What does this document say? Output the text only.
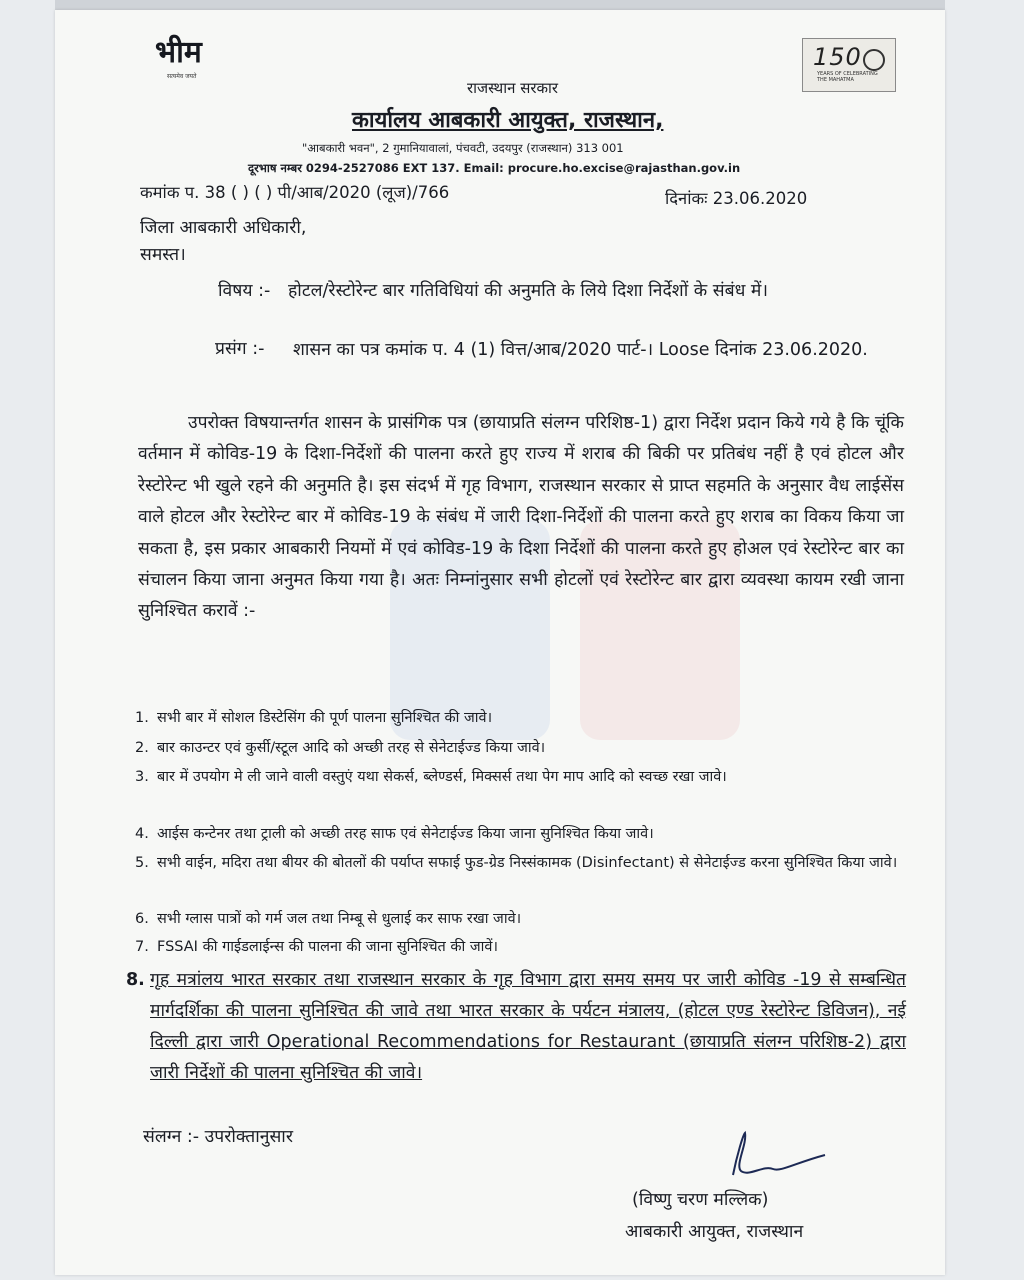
भीम
सत्यमेव जयते
150
YEARS OF CELEBRATING THE MAHATMA
राजस्थान सरकार
कार्यालय आबकारी आयुक्त, राजस्थान,
"आबकारी भवन", 2 गुमानियावालां, पंचवटी, उदयपुर (राजस्थान) 313 001
दूरभाष नम्बर 0294-2527086 EXT 137. Email: procure.ho.excise@rajasthan.gov.in
कमांक प. 38 ( ) ( ) पी/आब/2020 (लूज)/766	दिनांकः 23.06.2020
जिला आबकारी अधिकारी,
समस्त।
विषय :- होटल/रेस्टोरेन्ट बार गतिविधियां की अनुमति के लिये दिशा निर्देशों के संबंध में।
प्रसंग :- शासन का पत्र कमांक प. 4 (1) वित्त/आब/2020 पार्ट-। Loose दिनांक 23.06.2020.
उपरोक्त विषयान्तर्गत शासन के प्रासंगिक पत्र (छायाप्रति संलग्न परिशिष्ठ-1) द्वारा निर्देश प्रदान किये गये है कि चूंकि वर्तमान में कोविड-19 के दिशा-निर्देशों की पालना करते हुए राज्य में शराब की बिकी पर प्रतिबंध नहीं है एवं होटल और रेस्टोरेन्ट भी खुले रहने की अनुमति है। इस संदर्भ में गृह विभाग, राजस्थान सरकार से प्राप्त सहमति के अनुसार वैध लाईसेंस वाले होटल और रेस्टोरेन्ट बार में कोविड-19 के संबंध में जारी दिशा-निर्देशों की पालना करते हुए शराब का विकय किया जा सकता है, इस प्रकार आबकारी नियमों में एवं कोविड-19 के दिशा निर्देशों की पालना करते हुए होअल एवं रेस्टोरेन्ट बार का संचालन किया जाना अनुमत किया गया है। अतः निम्नांनुसार सभी होटलों एवं रेस्टोरेन्ट बार द्वारा व्यवस्था कायम रखी जाना सुनिश्चित करावें :-
1. सभी बार में सोशल डिस्टेसिंग की पूर्ण पालना सुनिश्चित की जावे।
2. बार काउन्टर एवं कुर्सी/स्टूल आदि को अच्छी तरह से सेनेटाईज्ड किया जावे।
3. बार में उपयोग मे ली जाने वाली वस्तुएं यथा सेकर्स, ब्लेण्डर्स, मिक्सर्स तथा पेग माप आदि को स्वच्छ रखा जावे।
4. आईस कन्टेनर तथा ट्राली को अच्छी तरह साफ एवं सेनेटाईज्ड किया जाना सुनिश्चित किया जावे।
5. सभी वाईन, मदिरा तथा बीयर की बोतलों की पर्याप्त सफाई फुड-ग्रेड निस्संकामक (Disinfectant) से सेनेटाईज्ड करना सुनिश्चित किया जावे।
6. सभी ग्लास पात्रों को गर्म जल तथा निम्बू से धुलाई कर साफ रखा जावे।
7. FSSAI की गाईडलाईन्स की पालना की जाना सुनिश्चित की जावें।
8. गृह मत्रांलय भारत सरकार तथा राजस्थान सरकार के गृह विभाग द्वारा समय समय पर जारी कोविड -19 से सम्बन्धित मार्गदर्शिका की पालना सुनिश्चित की जावे तथा भारत सरकार के पर्यटन मंत्रालय, (होटल एण्ड रेस्टोरेन्ट डिविजन), नई दिल्ली द्वारा जारी Operational Recommendations for Restaurant (छायाप्रति संलग्न परिशिष्ठ-2) द्वारा जारी निर्देशों की पालना सुनिश्चित की जावे।
संलग्न :- उपरोक्तानुसार
(विष्णु चरण मल्लिक)
आबकारी आयुक्त, राजस्थान
